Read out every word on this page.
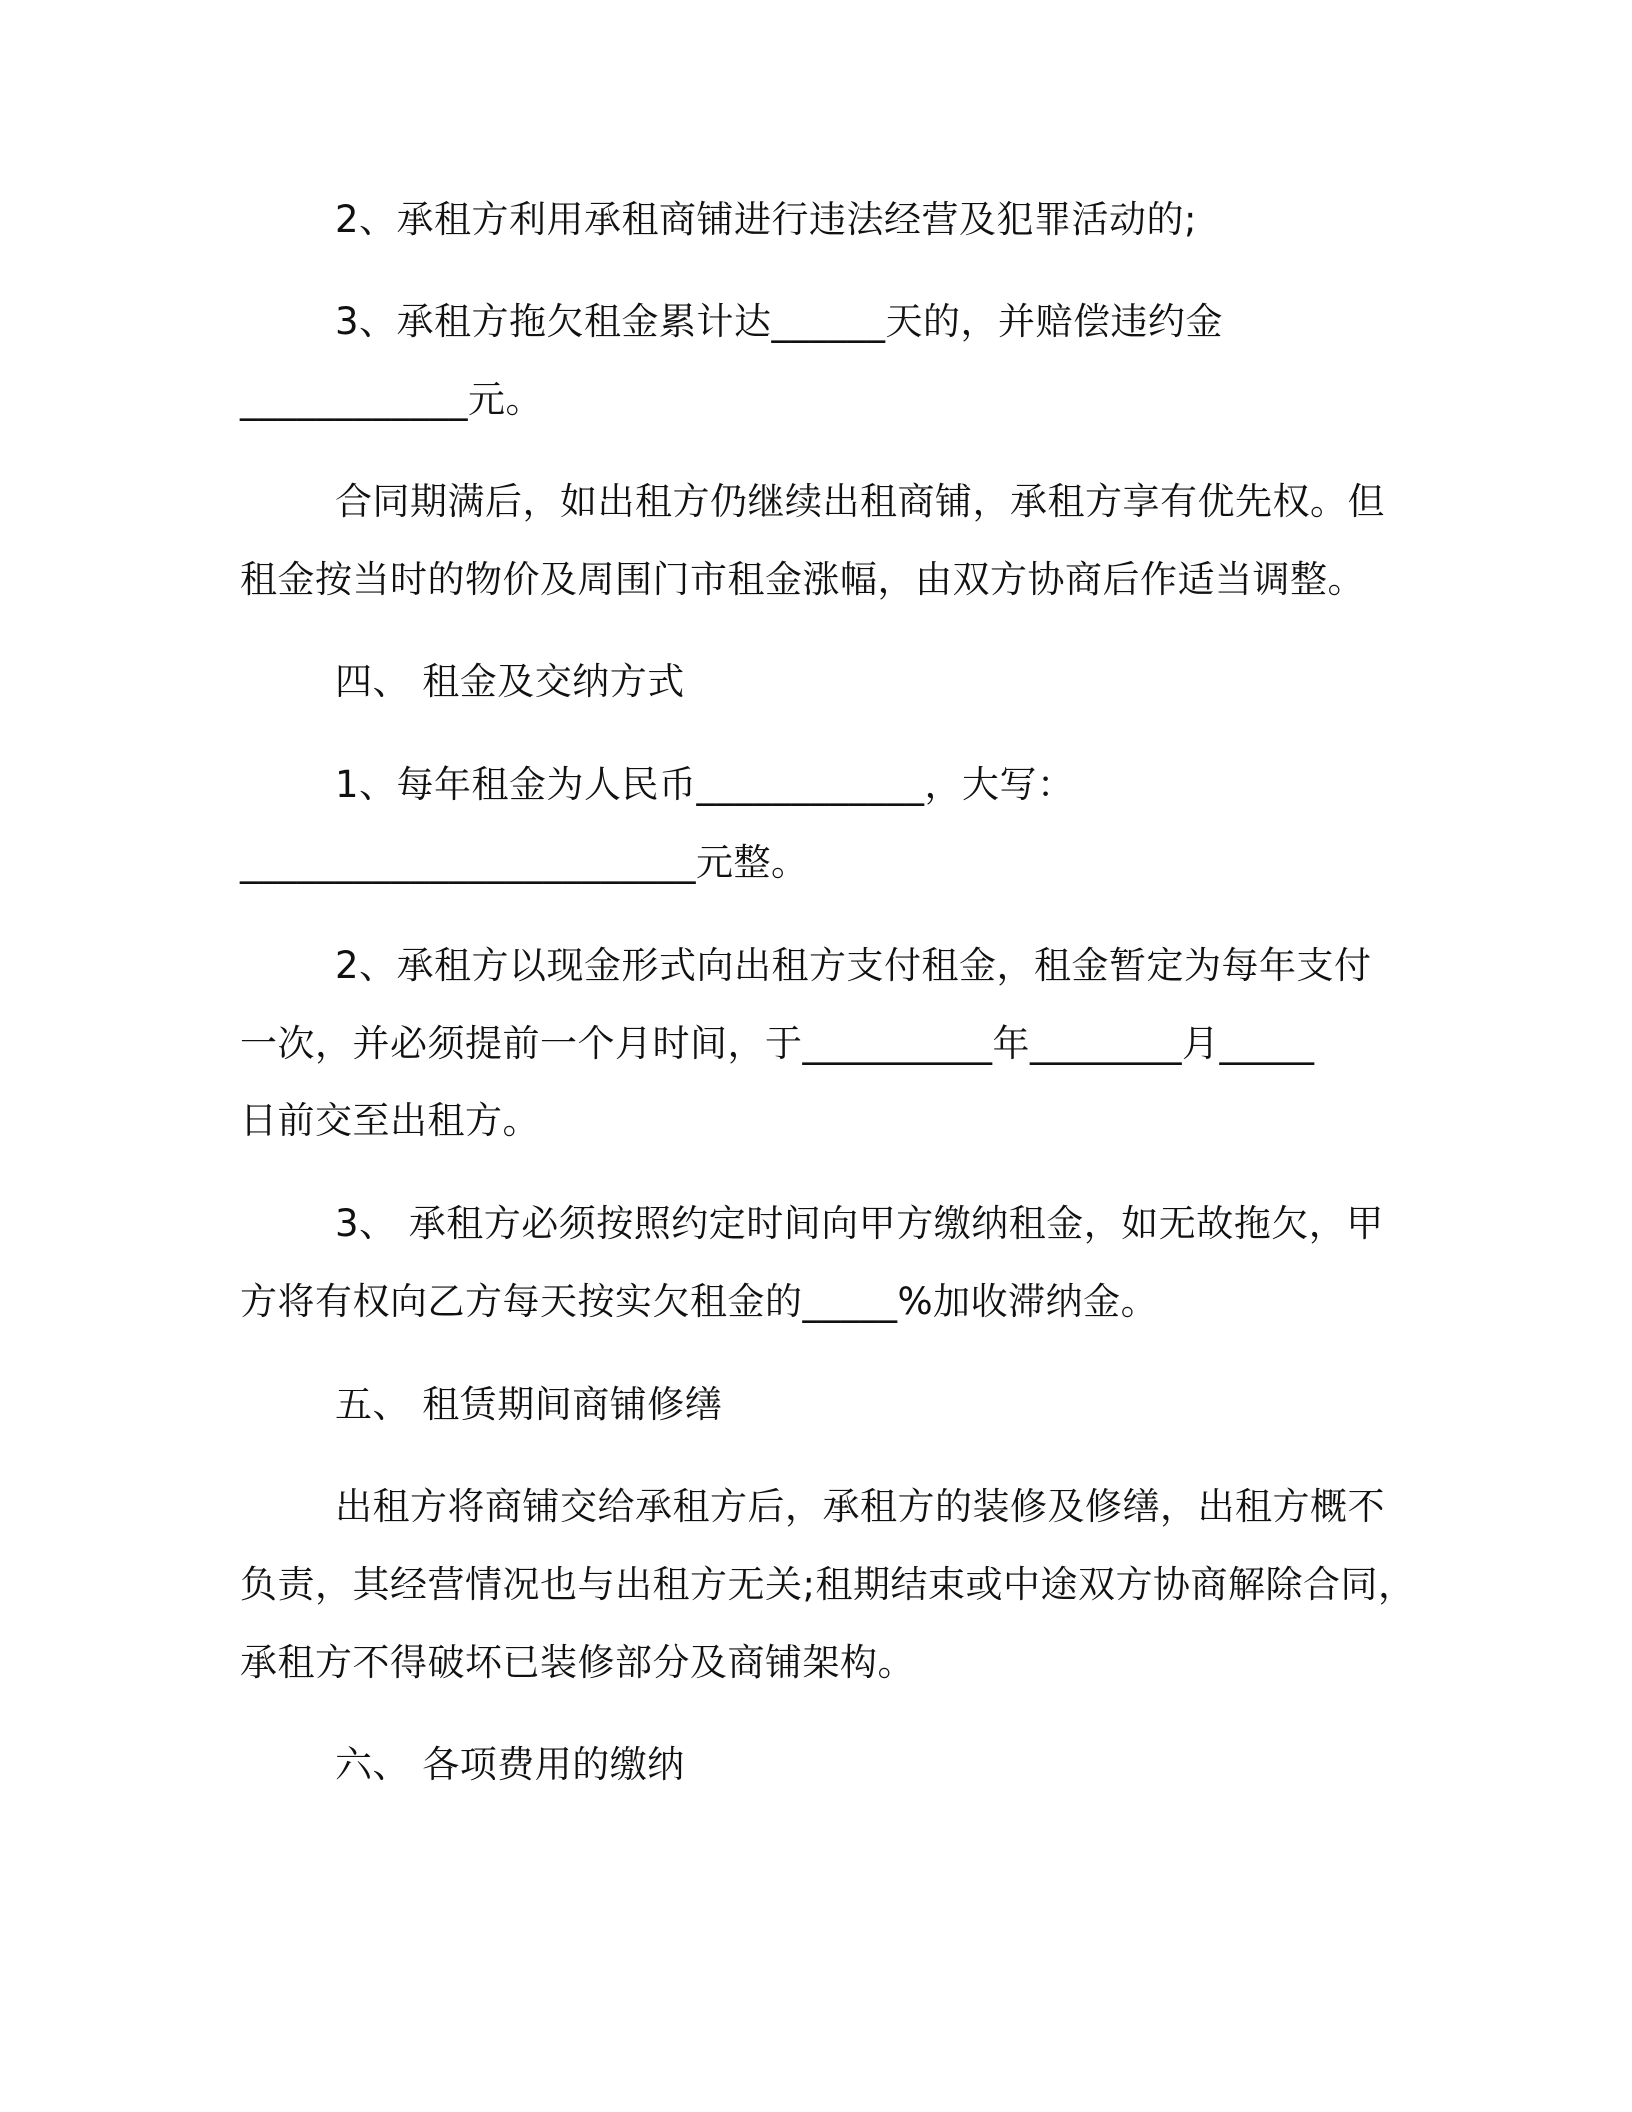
2、承租方利用承租商铺进行违法经营及犯罪活动的;
3、承租方拖欠租金累计达______天的，并赔偿违约金
____________元。
合同期满后，如出租方仍继续出租商铺，承租方享有优先权。但
租金按当时的物价及周围门市租金涨幅，由双方协商后作适当调整。
四、 租金及交纳方式
1、每年租金为人民币____________，大写：
________________________元整。
2、承租方以现金形式向出租方支付租金，租金暂定为每年支付
一次，并必须提前一个月时间，于__________年________月_____
日前交至出租方。
3、 承租方必须按照约定时间向甲方缴纳租金，如无故拖欠，甲
方将有权向乙方每天按实欠租金的_____%加收滞纳金。
五、 租赁期间商铺修缮
出租方将商铺交给承租方后，承租方的装修及修缮，出租方概不
负责，其经营情况也与出租方无关;租期结束或中途双方协商解除合同，
承租方不得破坏已装修部分及商铺架构。
六、 各项费用的缴纳
